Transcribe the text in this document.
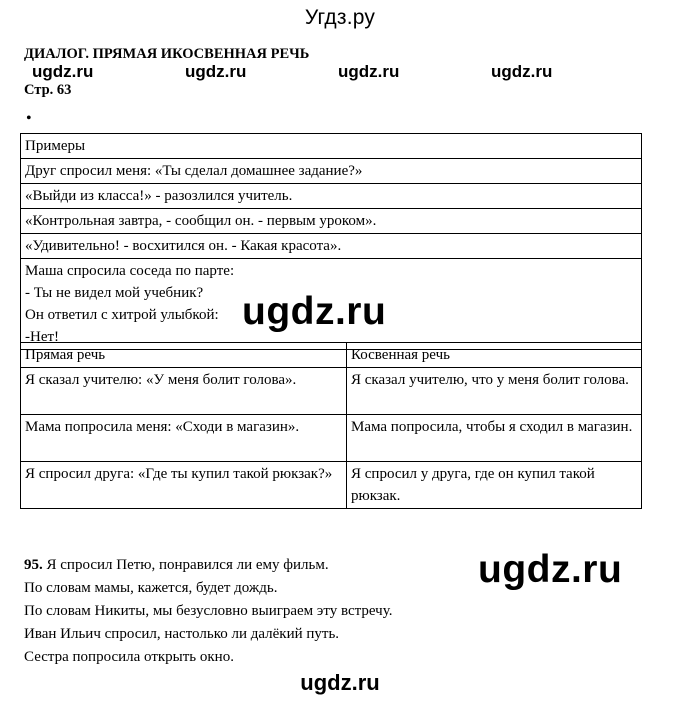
Угдз.ру
ДИАЛОГ. ПРЯМАЯ ИКОСВЕННАЯ РЕЧЬ
ugdz.ru	ugdz.ru	ugdz.ru	ugdz.ru
Стр. 63
•
Примеры
Друг спросил меня: «Ты сделал домашнее задание?»
«Выйди из класса!» - разозлился учитель.
«Контрольная завтра, - сообщил он. - первым уроком».
«Удивительно! - восхитился он. - Какая красота».

Маша спросила соседа по парте:
- Ты не видел мой учебник?
Он ответил с хитрой улыбкой:
-Нет!
ugdz.ru
Прямая речь	Косвенная речь
Я сказал учителю: «У меня болит голова».	Я сказал учителю, что у меня болит голова.
Мама попросила меня: «Сходи в магазин».	Мама попросила, чтобы я сходил в магазин.
Я спросил друга: «Где ты купил такой рюкзак?»	Я спросил у друга, где он купил такой рюкзак.
95. Я спросил Петю, понравился ли ему фильм.
По словам мамы, кажется, будет дождь.
По словам Никиты, мы безусловно выиграем эту встречу.
Иван Ильич спросил, настолько ли далёкий путь.
Сестра попросила открыть окно.
ugdz.ru
ugdz.ru
